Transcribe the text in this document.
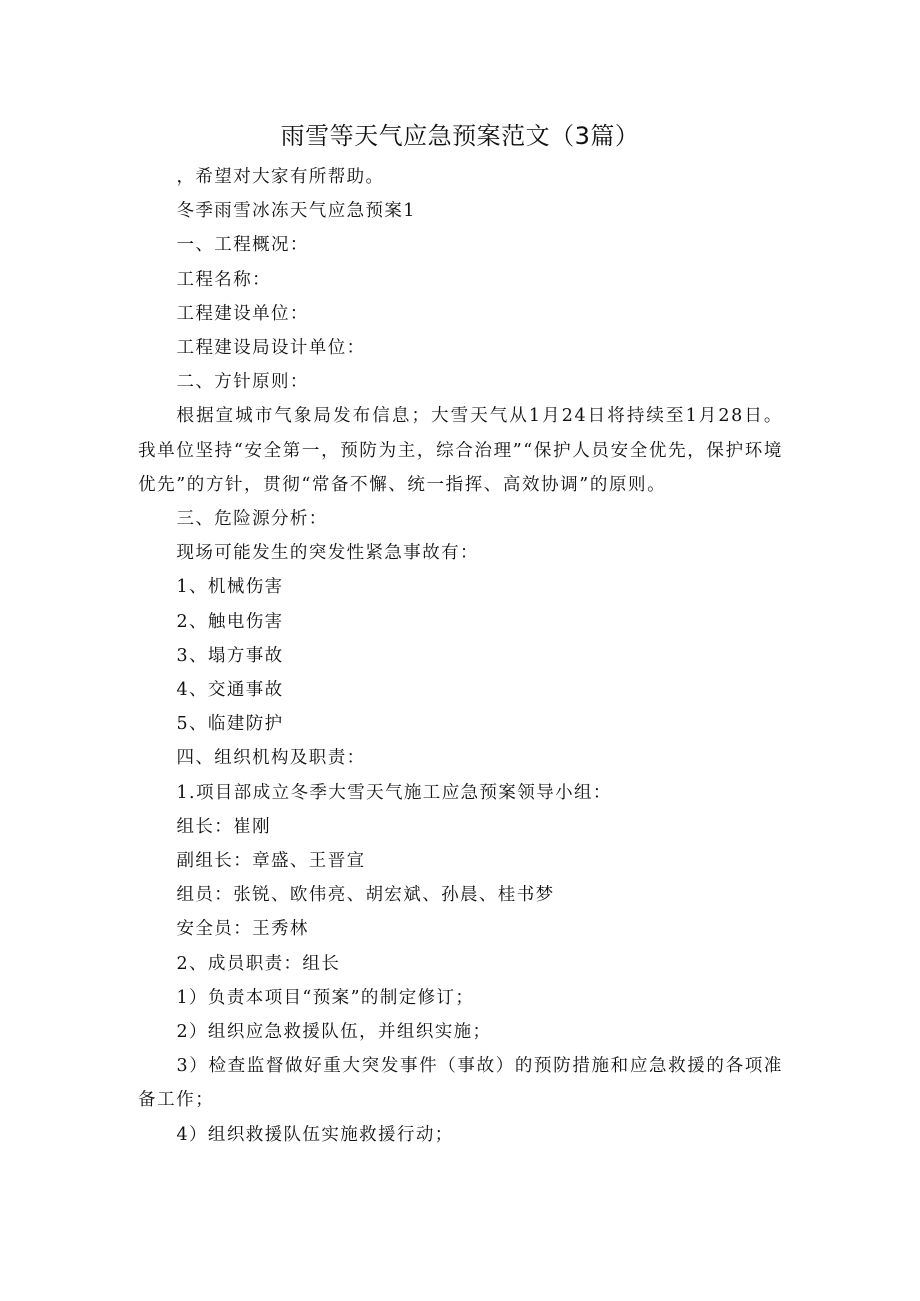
雨雪等天气应急预案范文（3篇）

，希望对大家有所帮助。

冬季雨雪冰冻天气应急预案1

一、工程概况：

工程名称：

工程建设单位：

工程建设局设计单位：

二、方针原则：

根据宣城市气象局发布信息；大雪天气从1月24日将持续至1月28日。我单位坚持“安全第一，预防为主，综合治理”“保护人员安全优先，保护环境优先”的方针，贯彻“常备不懈、统一指挥、高效协调”的原则。

三、危险源分析：

现场可能发生的突发性紧急事故有：

1、机械伤害

2、触电伤害

3、塌方事故

4、交通事故

5、临建防护

四、组织机构及职责：

1.项目部成立冬季大雪天气施工应急预案领导小组：

组长：崔刚

副组长：章盛、王晋宣

组员：张锐、欧伟亮、胡宏斌、孙晨、桂书梦

安全员：王秀林

2、成员职责：组长

1）负责本项目“预案”的制定修订；

2）组织应急救援队伍，并组织实施；

3）检查监督做好重大突发事件（事故）的预防措施和应急救援的各项准备工作；

4）组织救援队伍实施救援行动；
